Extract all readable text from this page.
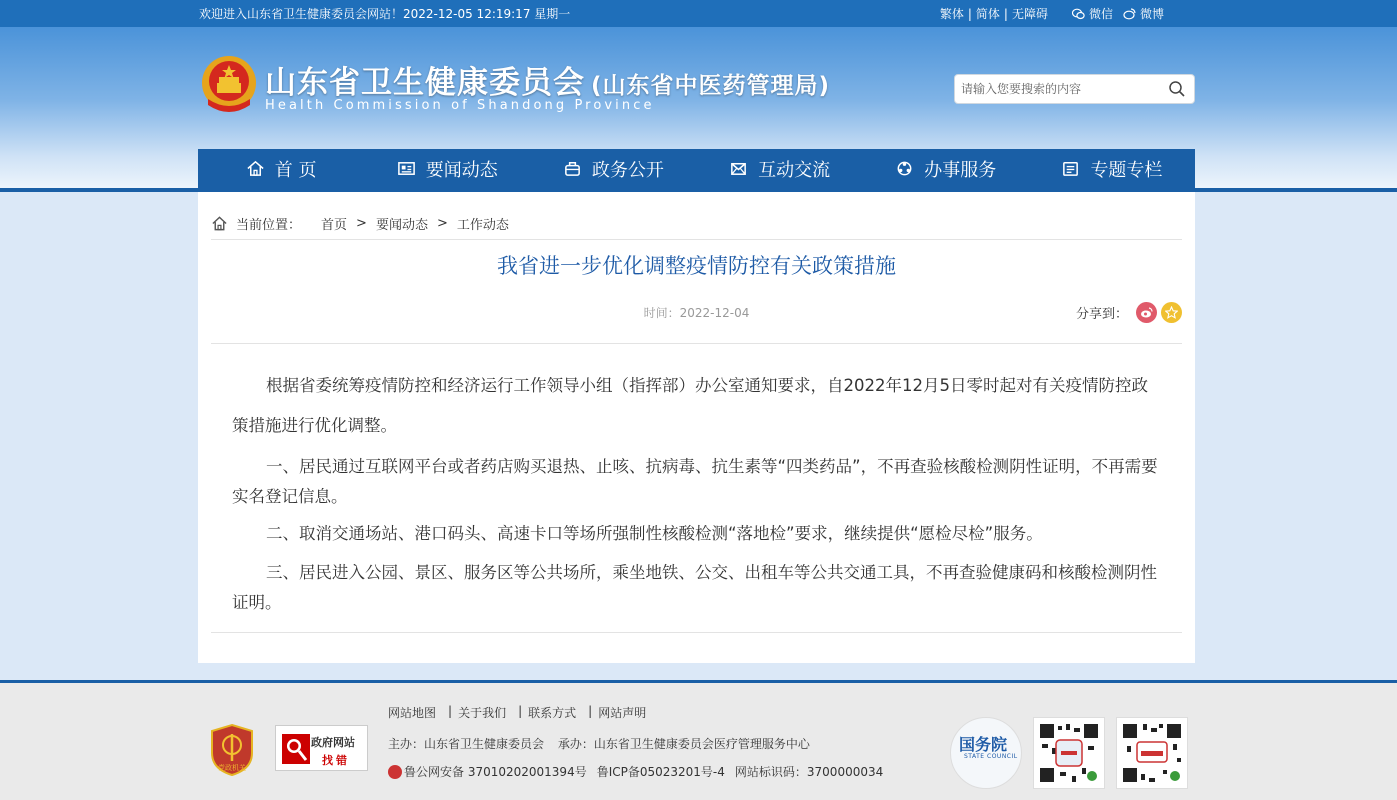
欢迎进入山东省卫生健康委员会网站！2022-12-05 12:19:17 星期一	繁体 | 简体 | 无障碍	微信 微博
山东省卫生健康委员会 (山东省中医药管理局)
Health Commission of Shandong Province
请输入您要搜索的内容
首 页	要闻动态	政务公开	互动交流	办事服务	专题专栏
当前位置： 首页 > 要闻动态 > 工作动态
我省进一步优化调整疫情防控有关政策措施
时间：2022-12-04	分享到：

根据省委统筹疫情防控和经济运行工作领导小组（指挥部）办公室通知要求，自2022年12月5日零时起对有关疫情防控政策措施进行优化调整。

一、居民通过互联网平台或者药店购买退热、止咳、抗病毒、抗生素等“四类药品”，不再查验核酸检测阴性证明，不再需要实名登记信息。

二、取消交通场站、港口码头、高速卡口等场所强制性核酸检测“落地检”要求，继续提供“愿检尽检”服务。

三、居民进入公园、景区、服务区等公共场所，乘坐地铁、公交、出租车等公共交通工具，不再查验健康码和核酸检测阴性证明。

党政机关
政府网站
找错
网站地图 | 关于我们 | 联系方式 | 网站声明
主办：山东省卫生健康委员会 承办：山东省卫生健康委员会医疗管理服务中心
鲁公网安备 37010202001394号 鲁ICP备05023201号-4 网站标识码：3700000034
国务院
STATE COUNCIL
